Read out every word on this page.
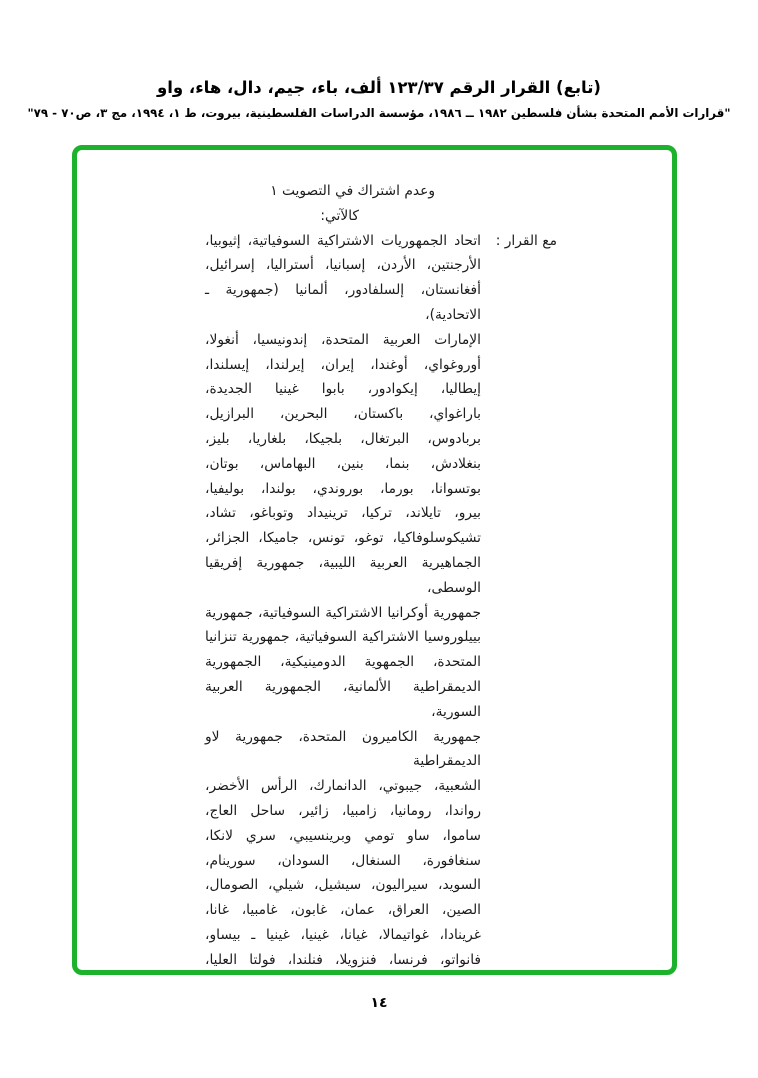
(تابع) القرار الرقم ١٢٣/٣٧ ألف، باء، جيم، دال، هاء، واو
"قرارات الأمم المتحدة بشأن فلسطين ١٩٨٢ ــ ١٩٨٦، مؤسسة الدراسات الفلسطينية، بيروت، ط ١، ١٩٩٤، مج ٣، ص٧٠ - ٧٩"
وعدم اشتراك في التصويت ١
كالآتي:
مع القرار :
اتحاد الجمهوريات الاشتراكية السوفياتية، إثيوبيا،
الأرجنتين، الأردن، إسبانيا، أستراليا، إسرائيل،
أفغانستان، إلسلفادور، ألمانيا (جمهورية ـ الاتحادية)،
الإمارات العربية المتحدة، إندونيسيا، أنغولا،
أوروغواي، أوغندا، إيران، إيرلندا، إيسلندا،
إيطاليا، إيكوادور، بابوا غينيا الجديدة،
باراغواي، باكستان، البحرين، البرازيل،
بربادوس، البرتغال، بلجيكا، بلغاريا، بليز،
بنغلادش، بنما، بنين، البهاماس، بوتان،
بوتسوانا، بورما، بوروندي، بولندا، بوليفيا،
بيرو، تايلاند، تركيا، ترينيداد وتوباغو، تشاد،
تشيكوسلوفاكيا، توغو، تونس، جاميكا، الجزائر،
الجماهيرية العربية الليبية، جمهورية إفريقيا الوسطى،
جمهورية أوكرانيا الاشتراكية السوفياتية، جمهورية
بييلوروسيا الاشتراكية السوفياتية، جمهورية تنزانيا
المتحدة، الجمهوية الدومينيكية، الجمهورية
الديمقراطية الألمانية، الجمهورية العربية السورية،
جمهورية الكاميرون المتحدة، جمهورية لاو الديمقراطية
الشعبية، جيبوتي، الدانمارك، الرأس الأخضر،
رواندا، رومانيا، زامبيا، زائير، ساحل العاج،
ساموا، ساو تومي وبرينسيبي، سري لانكا،
سنغافورة، السنغال، السودان، سورينام،
السويد، سيراليون، سيشيل، شيلي، الصومال،
الصين، العراق، عمان، غابون، غامبيا، غانا،
غرينادا، غواتيمالا، غيانا، غينيا، غينيا ـ بيساو،
فانواتو، فرنسا، فنزويلا، فنلندا، فولتا العليا،
١٤
